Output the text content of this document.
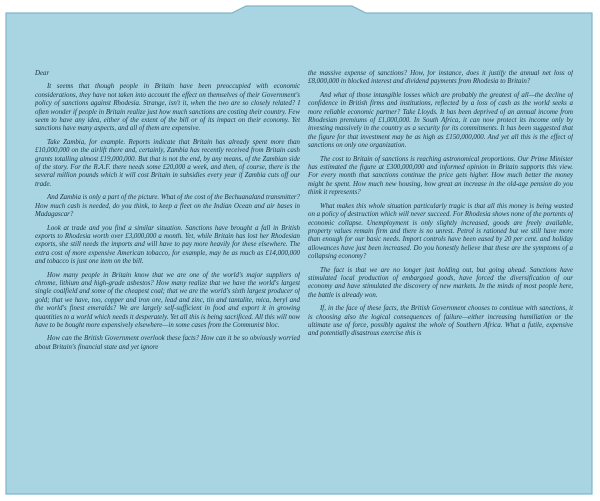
Dear

It seems that though people in Britain have been preoccupied with economic considerations, they have not taken into account the effect on themselves of their Government's policy of sanctions against Rhodesia. Strange, isn't it, when the two are so closely related? I often wonder if people in Britain realize just how much sanctions are costing their country. Few seem to have any idea, either of the extent of the bill or of its impact on their economy. Yet sanctions have many aspects, and all of them are expensive.

Take Zambia, for example. Reports indicate that Britain has already spent more than £10,000,000 on the airlift there and, certainly, Zambia has recently received from Britain cash grants totalling almost £19,000,000. But that is not the end, by any means, of the Zambian side of the story. For the R.A.F. there needs some £20,000 a week, and then, of course, there is the several million pounds which it will cost Britain in subsidies every year if Zambia cuts off our trade.

And Zambia is only a part of the picture. What of the cost of the Bechuanaland transmitter? How much cash is needed, do you think, to keep a fleet on the Indian Ocean and air bases in Madagascar?

Look at trade and you find a similar situation. Sanctions have brought a fall in British exports to Rhodesia worth over £3,000,000 a month. Yet, while Britain has lost her Rhodesian exports, she still needs the imports and will have to pay more heavily for these elsewhere. The extra cost of more expensive American tobacco, for example, may be as much as £14,000,000 and tobacco is just one item on the bill.

How many people in Britain know that we are one of the world's major suppliers of chrome, lithium and high-grade asbestos? How many realize that we have the world's largest single coalfield and some of the cheapest coal; that we are the world's sixth largest producer of gold; that we have, too, copper and iron ore, lead and zinc, tin and tantalite, mica, beryl and the world's finest emeralds? We are largely self-sufficient in food and export it in growing quantities to a world which needs it desperately. Yet all this is being sacrificed. All this will now have to be bought more expensively elsewhere—in some cases from the Communist bloc.

How can the British Government overlook these facts? How can it be so obviously worried about Britain's financial state and yet ignore

the massive expense of sanctions? How, for instance, does it justify the annual net loss of £8,000,000 in blocked interest and dividend payments from Rhodesia to Britain?

And what of those intangible losses which are probably the greatest of all—the decline of confidence in British firms and institutions, reflected by a loss of cash as the world seeks a more reliable economic partner? Take Lloyds. It has been deprived of an annual income from Rhodesian premiums of £1,000,000. In South Africa, it can now protect its income only by investing massively in the country as a security for its commitments. It has been suggested that the figure for that investment may be as high as £150,000,000. And yet all this is the effect of sanctions on only one organization.

The cost to Britain of sanctions is reaching astronomical proportions. Our Prime Minister has estimated the figure at £300,000,000 and informed opinion in Britain supports this view. For every month that sanctions continue the price gets higher. How much better the money might be spent. How much new housing, how great an increase in the old-age pension do you think it represents?

What makes this whole situation particularly tragic is that all this money is being wasted on a policy of destruction which will never succeed. For Rhodesia shows none of the portents of economic collapse. Unemployment is only slightly increased, goods are freely available, property values remain firm and there is no unrest. Petrol is rationed but we still have more than enough for our basic needs. Import controls have been eased by 20 per cent. and holiday allowances have just been increased. Do you honestly believe that these are the symptoms of a collapsing economy?

The fact is that we are no longer just holding out, but going ahead. Sanctions have stimulated local production of embargoed goods, have forced the diversification of our economy and have stimulated the discovery of new markets. In the minds of most people here, the battle is already won.

If, in the face of these facts, the British Government chooses to continue with sanctions, it is choosing also the logical consequences of failure—either increasing humiliation or the ultimate use of force, possibly against the whole of Southern Africa. What a futile, expensive and potentially disastrous exercise this is
